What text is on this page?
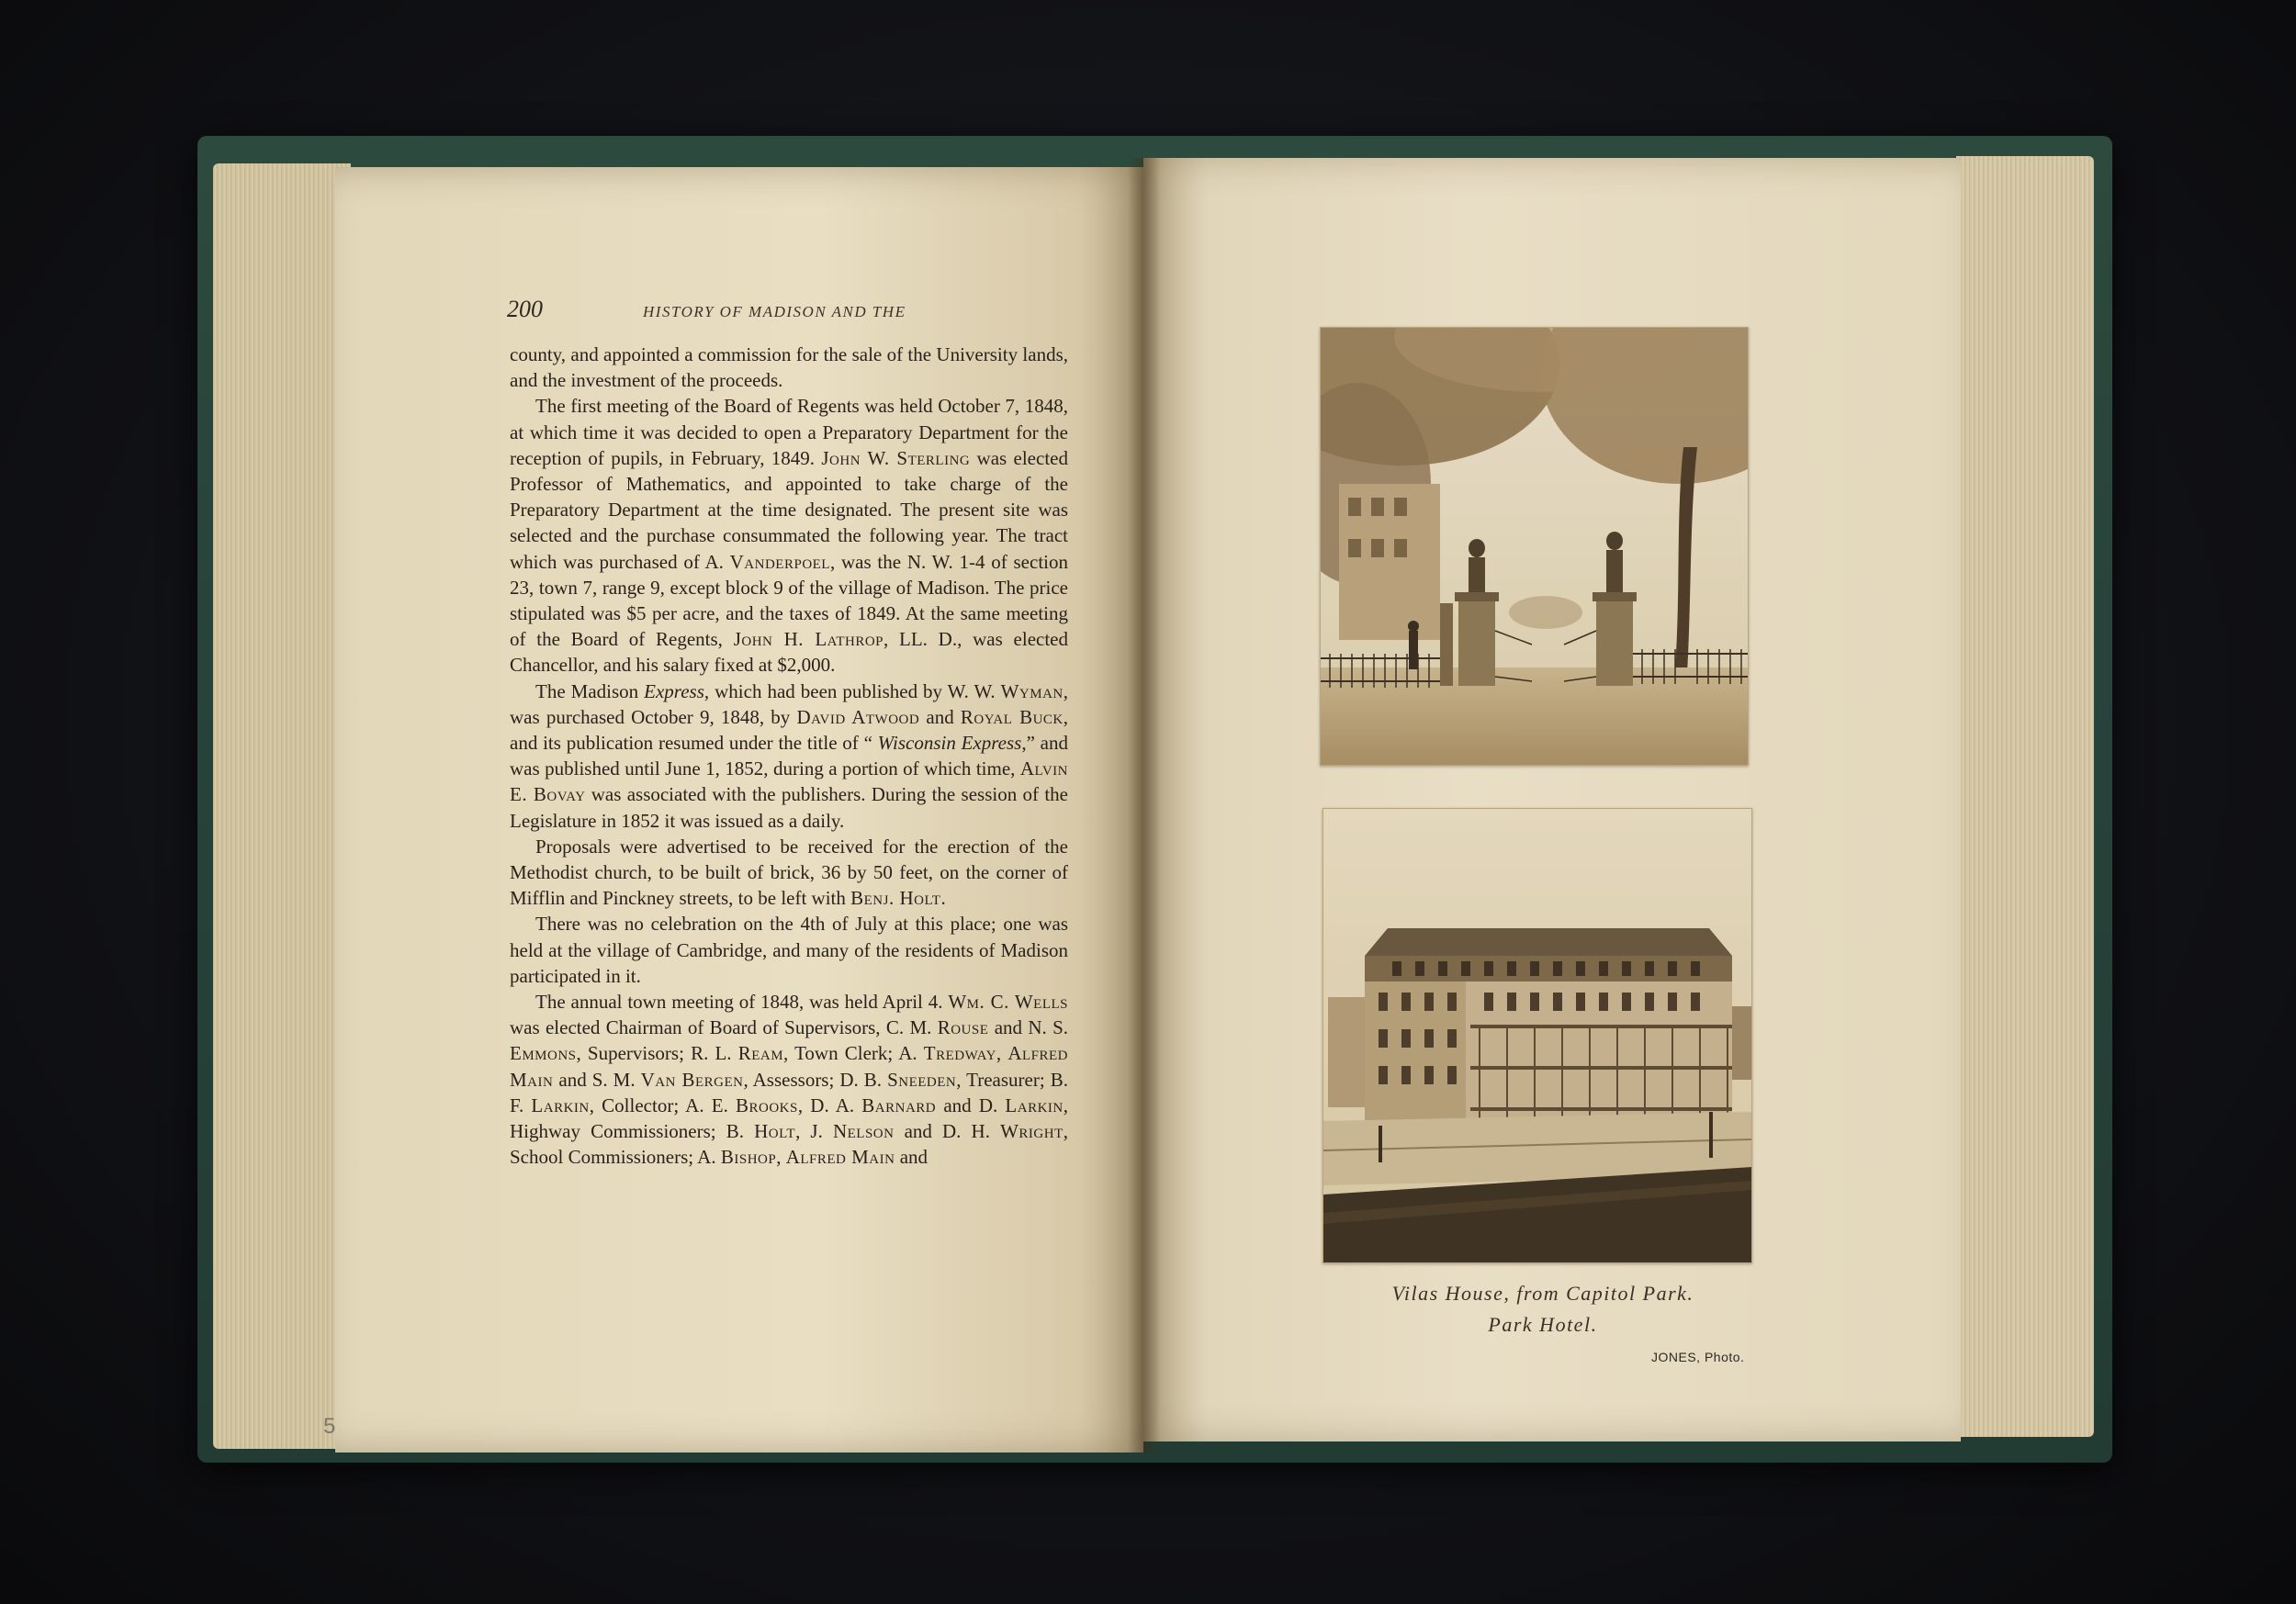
200	HISTORY OF MADISON AND THE

county, and appointed a commission for the sale of the University lands, and the investment of the proceeds.

The first meeting of the Board of Regents was held October 7, 1848, at which time it was decided to open a Preparatory Department for the reception of pupils, in February, 1849. John W. Sterling was elected Professor of Mathematics, and appointed to take charge of the Preparatory Department at the time designated. The present site was selected and the purchase consummated the following year. The tract which was purchased of A. Vanderpoel, was the N. W. 1-4 of section 23, town 7, range 9, except block 9 of the village of Madison. The price stipulated was $5 per acre, and the taxes of 1849. At the same meeting of the Board of Regents, John H. Lathrop, LL. D., was elected Chancellor, and his salary fixed at $2,000.

The Madison Express, which had been published by W. W. Wyman, was purchased October 9, 1848, by David Atwood and Royal Buck, and its publication resumed under the title of “ Wisconsin Express,” and was published until June 1, 1852, during a portion of which time, Alvin E. Bovay was associated with the publishers. During the session of the Legislature in 1852 it was issued as a daily.

Proposals were advertised to be received for the erection of the Methodist church, to be built of brick, 36 by 50 feet, on the corner of Mifflin and Pinckney streets, to be left with Benj. Holt.

There was no celebration on the 4th of July at this place; one was held at the village of Cambridge, and many of the residents of Madison participated in it.

The annual town meeting of 1848, was held April 4. Wm. C. Wells was elected Chairman of Board of Supervisors, C. M. Rouse and N. S. Emmons, Supervisors; R. L. Ream, Town Clerk; A. Tredway, Alfred Main and S. M. Van Bergen, Assessors; D. B. Sneeden, Treasurer; B. F. Larkin, Collector; A. E. Brooks, D. A. Barnard and D. Larkin, Highway Commissioners; B. Holt, J. Nelson and D. H. Wright, School Commissioners; A. Bishop, Alfred Main and

5
Vilas House, from Capitol Park.
Park Hotel.
JONES, Photo.
